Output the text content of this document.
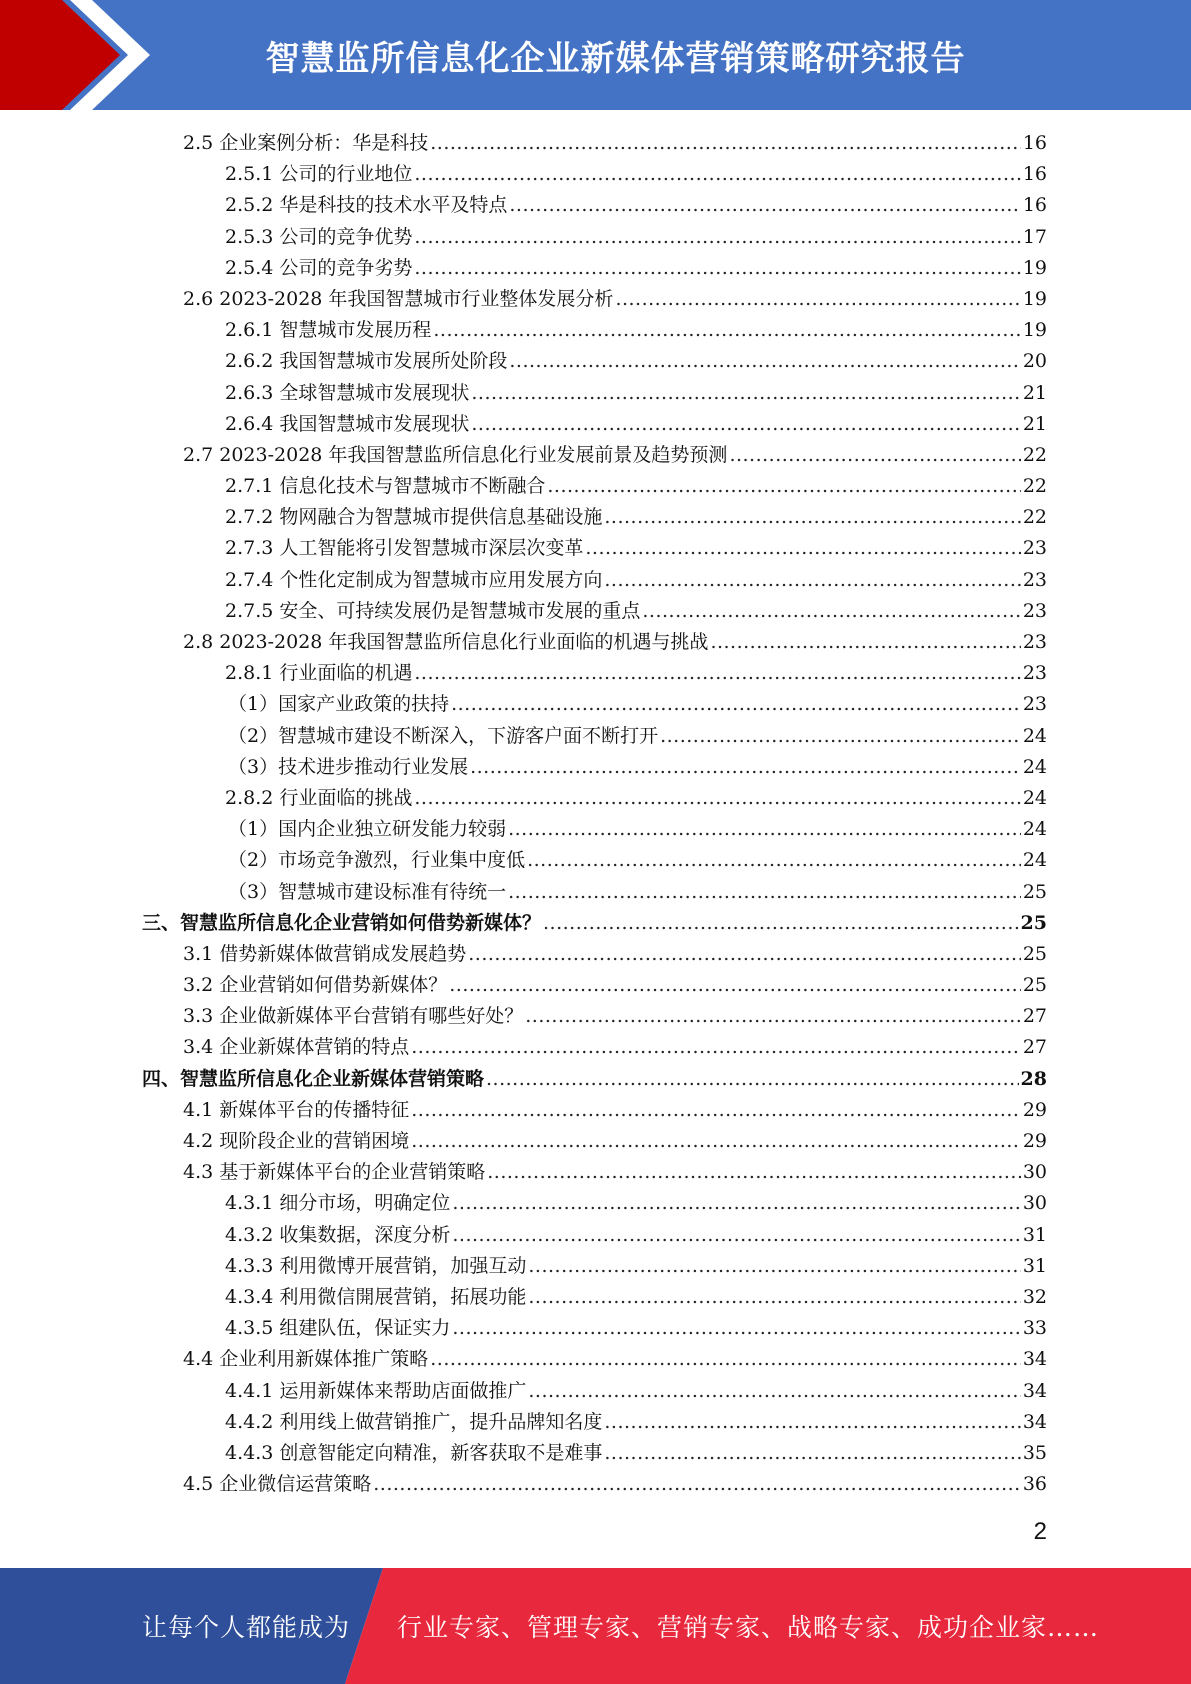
智慧监所信息化企业新媒体营销策略研究报告
2.5 企业案例分析：华是科技 .....	16
2.5.1 公司的行业地位 .....	16
2.5.2 华是科技的技术水平及特点 .....	16
2.5.3 公司的竞争优势 .....	17
2.5.4 公司的竞争劣势 .....	19
2.6 2023-2028 年我国智慧城市行业整体发展分析 .....	19
2.6.1 智慧城市发展历程 .....	19
2.6.2 我国智慧城市发展所处阶段 .....	20
2.6.3 全球智慧城市发展现状 .....	21
2.6.4 我国智慧城市发展现状 .....	21
2.7 2023-2028 年我国智慧监所信息化行业发展前景及趋势预测 .....	22
2.7.1 信息化技术与智慧城市不断融合 .....	22
2.7.2 物网融合为智慧城市提供信息基础设施 .....	22
2.7.3 人工智能将引发智慧城市深层次变革 .....	23
2.7.4 个性化定制成为智慧城市应用发展方向 .....	23
2.7.5 安全、可持续发展仍是智慧城市发展的重点 .....	23
2.8 2023-2028 年我国智慧监所信息化行业面临的机遇与挑战 .....	23
2.8.1 行业面临的机遇 .....	23
（1）国家产业政策的扶持 .....	23
（2）智慧城市建设不断深入，下游客户面不断打开 .....	24
（3）技术进步推动行业发展 .....	24
2.8.2 行业面临的挑战 .....	24
（1）国内企业独立研发能力较弱 .....	24
（2）市场竞争激烈，行业集中度低 .....	24
（3）智慧城市建设标准有待统一 .....	25
三、智慧监所信息化企业营销如何借势新媒体？ .....	25
3.1 借势新媒体做营销成发展趋势 .....	25
3.2 企业营销如何借势新媒体？ .....	25
3.3 企业做新媒体平台营销有哪些好处？ .....	27
3.4 企业新媒体营销的特点 .....	27
四、智慧监所信息化企业新媒体营销策略 .....	28
4.1 新媒体平台的传播特征 .....	29
4.2 现阶段企业的营销困境 .....	29
4.3 基于新媒体平台的企业营销策略 .....	30
4.3.1 细分市场，明确定位 .....	30
4.3.2 收集数据，深度分析 .....	31
4.3.3 利用微博开展营销，加强互动 .....	31
4.3.4 利用微信開展营销，拓展功能 .....	32
4.3.5 组建队伍，保证实力 .....	33
4.4 企业利用新媒体推广策略 .....	34
4.4.1 运用新媒体来帮助店面做推广 .....	34
4.4.2 利用线上做营销推广，提升品牌知名度 .....	34
4.4.3 创意智能定向精准，新客获取不是难事 .....	35
4.5 企业微信运营策略 .....	36
2
让每个人都能成为 行业专家、管理专家、营销专家、战略专家、成功企业家……
